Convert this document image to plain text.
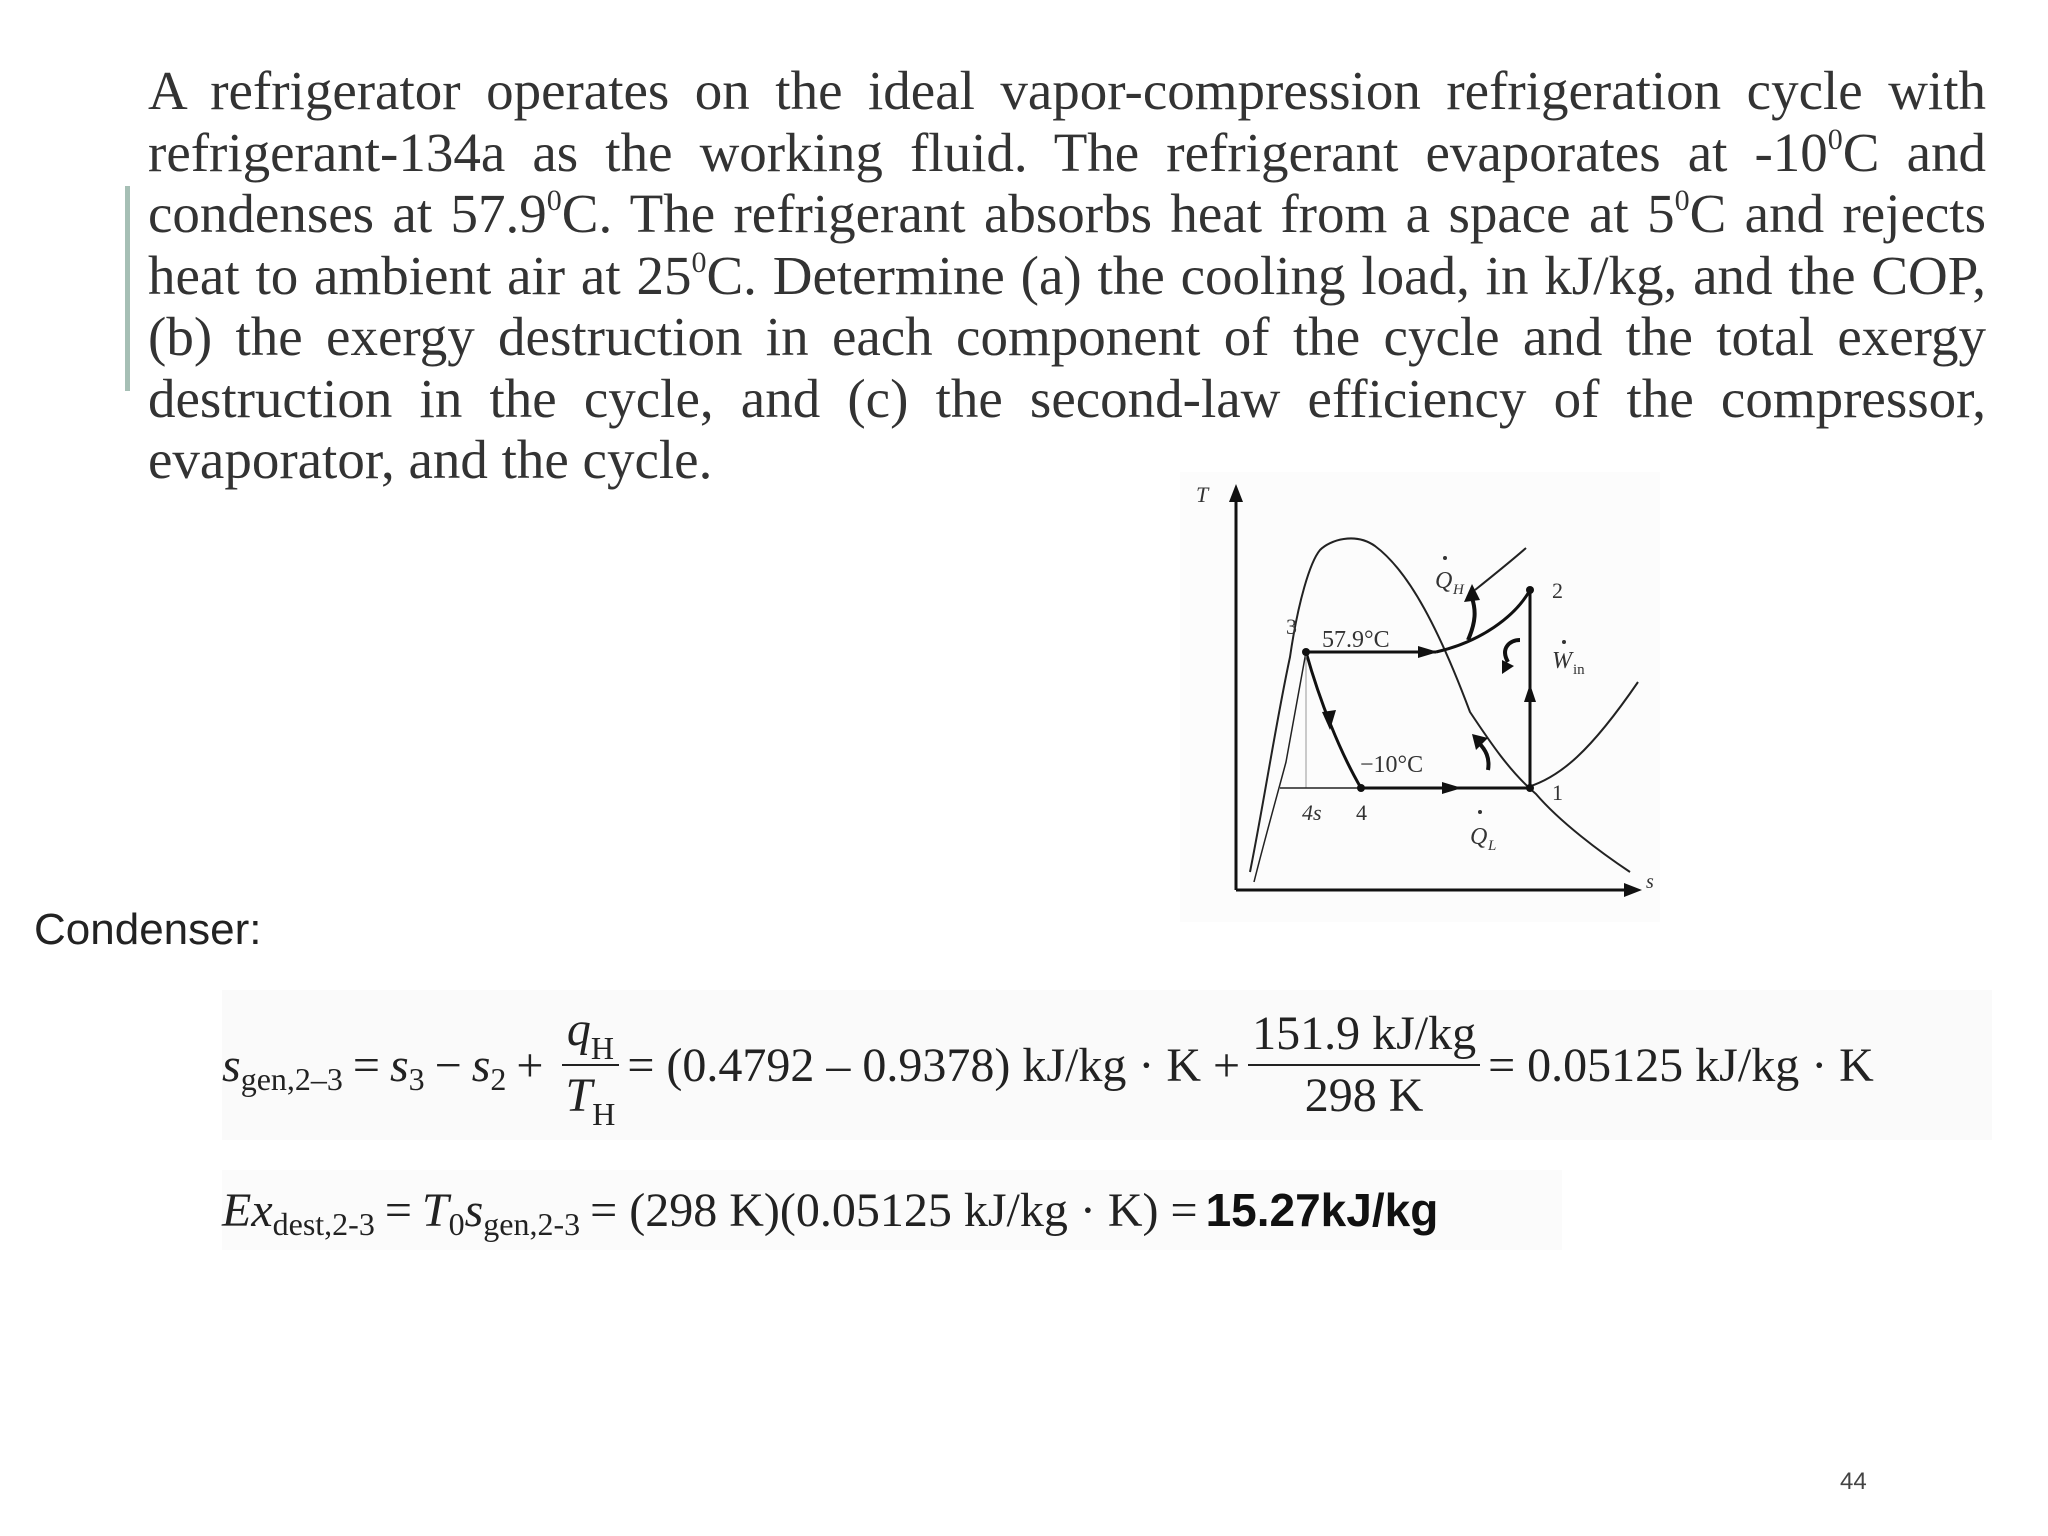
A refrigerator operates on the ideal vapor-compression refrigeration cycle with refrigerant-134a as the working fluid. The refrigerant evaporates at $-10^0C$ and condenses at 57.9$^0$C. The refrigerant absorbs heat from a space at $5^0C$ and rejects heat to ambient air at $25^0C$. Determine (a) the cooling load, in kJ/kg, and the COP, (b) the exergy destruction in each component of the cycle and the total exergy destruction in the cycle, and (c) the second-law efficiency of the compressor, evaporator, and the cycle.

T
s
3
2
1
4
4s
57.9°C
−10°C
Q H
Q L
W in
Condenser:
s gen,2–3 = s 3 − s $2 + \frac{q_H}{T_H} = (0.4792 - 0.9378) kJ/kg \cdot K + \frac{151.9 kJ/kg}{298 K} = 0.05125$ kJ/kg · K
Ex dest,2-3 = T 0 s gen,2-3 = (298 K)(0.05125 kJ/kg · K) = 15.27kJ/kg
44
